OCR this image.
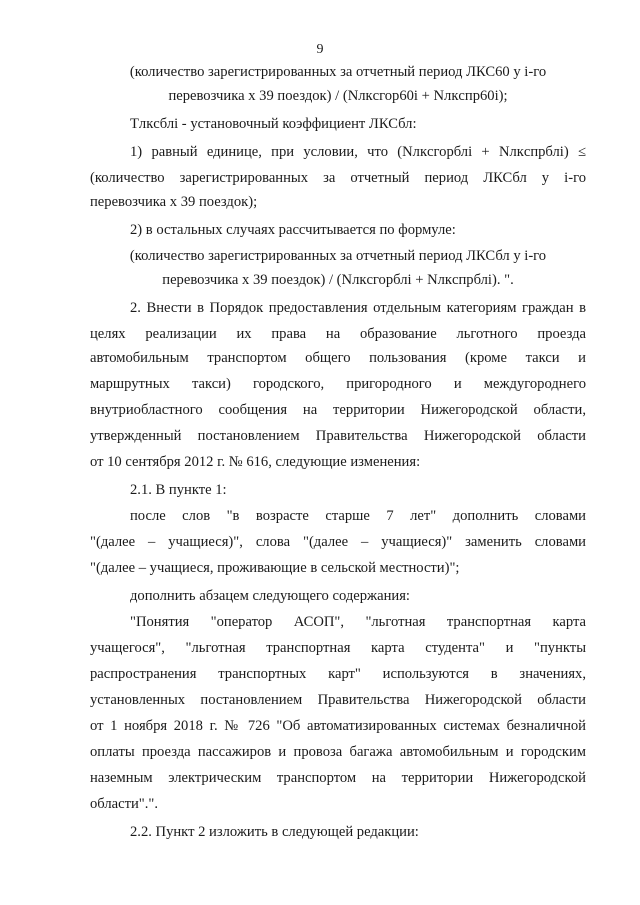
9
(количество зарегистрированных за отчетный период ЛКС60 у i-го
перевозчика х 39 поездок) / (Nлкcгор60i + Nлкcпр60i);
Tлкcблi - установочный коэффициент ЛКСбл:
1) равный единице, при условии, что (Nлкcгорблi + Nлкcпрблi) ≤
(количество зарегистрированных за отчетный период ЛКСбл у i-го
перевозчика х 39 поездок);
2) в остальных случаях рассчитывается по формуле:
(количество зарегистрированных за отчетный период ЛКСбл у i-го
перевозчика х 39 поездок) / (Nлкcгорблi + Nлкcпрблi). ".
2. Внести в Порядок предоставления отдельным категориям граждан в
целях реализации их права на образование льготного проезда
автомобильным транспортом общего пользования (кроме такси и
маршрутных такси) городского, пригородного и междугороднего
внутриобластного сообщения на территории Нижегородской области,
утвержденный постановлением Правительства Нижегородской области
от 10 сентября 2012 г. № 616, следующие изменения:
2.1. В пункте 1:
после слов "в возрасте старше 7 лет" дополнить словами
"(далее – учащиеся)", слова "(далее – учащиеся)" заменить словами
"(далее – учащиеся, проживающие в сельской местности)";
дополнить абзацем следующего содержания:
"Понятия "оператор АСОП", "льготная транспортная карта
учащегося", "льготная транспортная карта студента" и "пункты
распространения транспортных карт" используются в значениях,
установленных постановлением Правительства Нижегородской области
от 1 ноября 2018 г. № 726 "Об автоматизированных системах безналичной
оплаты проезда пассажиров и провоза багажа автомобильным и городским
наземным электрическим транспортом на территории Нижегородской
области".".
2.2. Пункт 2 изложить в следующей редакции:
